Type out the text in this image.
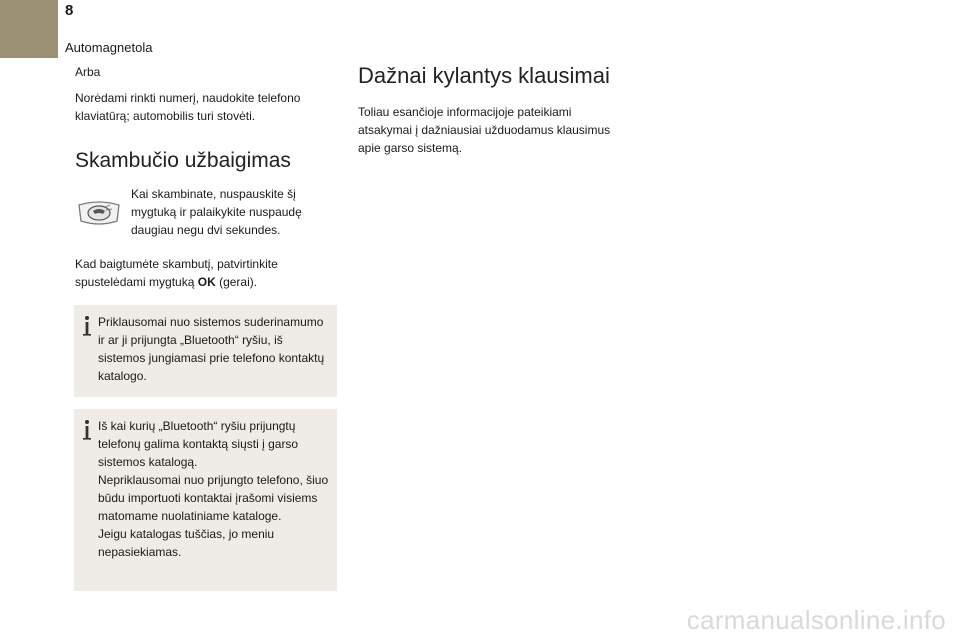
8
Automagnetola

Arba

Norėdami rinkti numerį, naudokite telefono klaviatūrą; automobilis turi stovėti.

Skambučio užbaigimas

Kai skambinate, nuspauskite šį mygtuką ir palaikykite nuspaudę daugiau negu dvi sekundes.

Kad baigtumėte skambutį, patvirtinkite spustelėdami mygtuką OK (gerai).

Priklausomai nuo sistemos suderinamumo ir ar ji prijungta „Bluetooth“ ryšiu, iš sistemos jungiamasi prie telefono kontaktų katalogo.

Iš kai kurių „Bluetooth“ ryšiu prijungtų telefonų galima kontaktą siųsti į garso sistemos katalogą.

Nepriklausomai nuo prijungto telefono, šiuo būdu importuoti kontaktai įrašomi visiems matomame nuolatiniame kataloge.

Jeigu katalogas tuščias, jo meniu nepasiekiamas.

Dažnai kylantys klausimai

Toliau esančioje informacijoje pateikiami atsakymai į dažniausiai užduodamus klausimus apie garso sistemą.

carmanualsonline.info
